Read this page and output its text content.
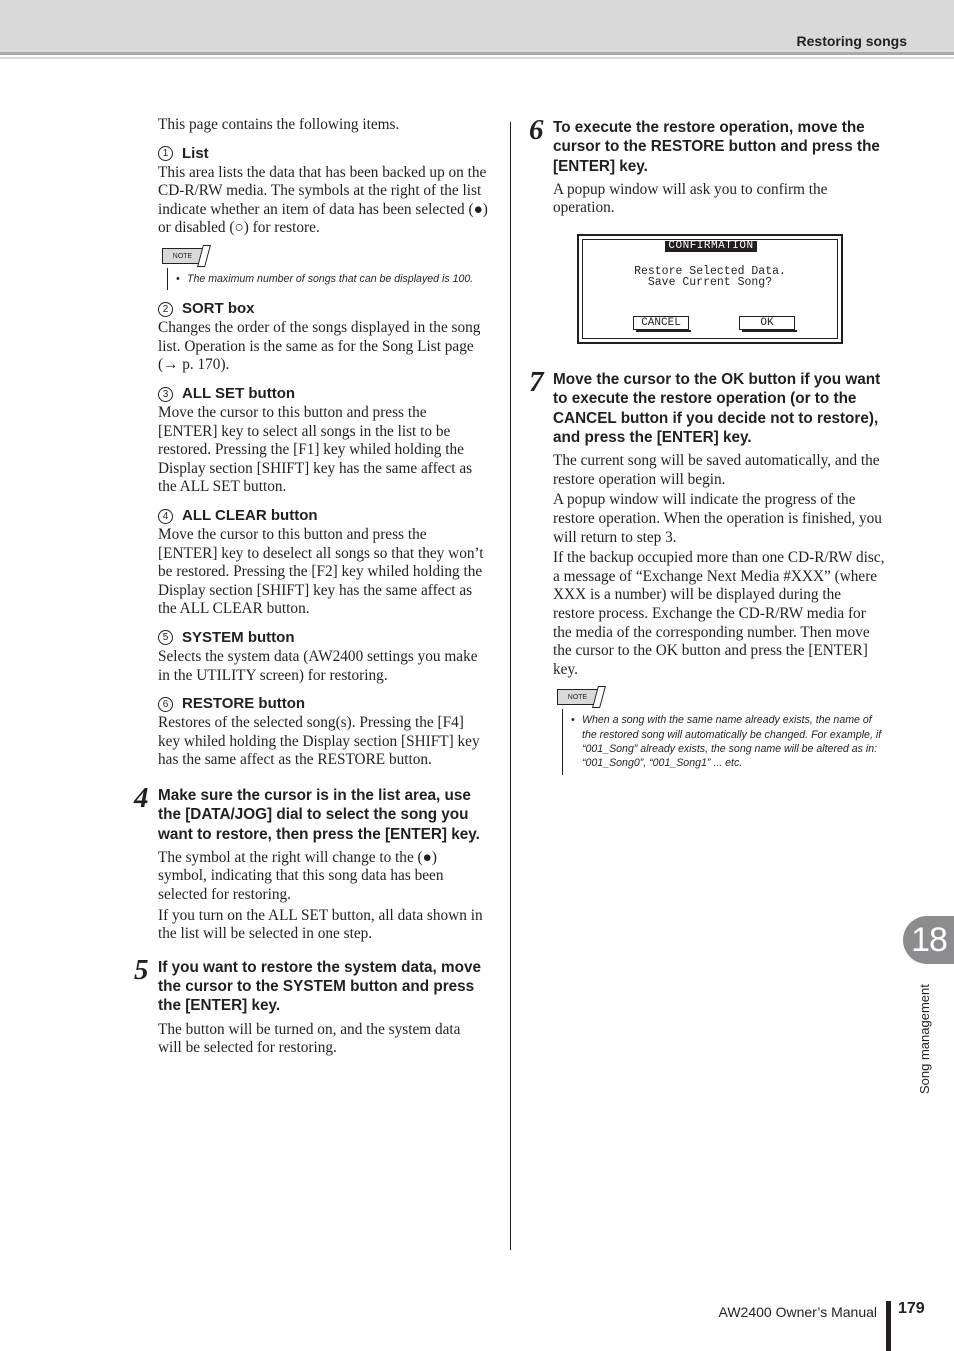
Restoring songs

This page contains the following items.

1 List

This area lists the data that has been backed up on the CD-R/RW media. The symbols at the right of the list indicate whether an item of data has been selected (●) or disabled (○) for restore.

NOTE
• The maximum number of songs that can be displayed is 100.
2 SORT box

Changes the order of the songs displayed in the song list. Operation is the same as for the Song List page (→ p. 170).

3 ALL SET button

Move the cursor to this button and press the [ENTER] key to select all songs in the list to be restored. Pressing the [F1] key whiled holding the Display section [SHIFT] key has the same affect as the ALL SET button.

4 ALL CLEAR button

Move the cursor to this button and press the [ENTER] key to deselect all songs so that they won’t be restored. Pressing the [F2] key whiled holding the Display section [SHIFT] key has the same affect as the ALL CLEAR button.

5 SYSTEM button

Selects the system data (AW2400 settings you make in the UTILITY screen) for restoring.

6 RESTORE button

Restores of the selected song(s). Pressing the [F4] key whiled holding the Display section [SHIFT] key has the same affect as the RESTORE button.

4 Make sure the cursor is in the list area, use the [DATA/JOG] dial to select the song you want to restore, then press the [ENTER] key.

The symbol at the right will change to the (●) symbol, indicating that this song data has been selected for restoring.

If you turn on the ALL SET button, all data shown in the list will be selected in one step.

5 If you want to restore the system data, move the cursor to the SYSTEM button and press the [ENTER] key.

The button will be turned on, and the system data will be selected for restoring.

6 To execute the restore operation, move the cursor to the RESTORE button and press the [ENTER] key.

A popup window will ask you to confirm the operation.

CONFIRMATION
Restore Selected Data.
Save Current Song?
CANCEL	OK
7 Move the cursor to the OK button if you want to execute the restore operation (or to the CANCEL button if you decide not to restore), and press the [ENTER] key.

The current song will be saved automatically, and the restore operation will begin.

A popup window will indicate the progress of the restore operation. When the operation is finished, you will return to step 3.

If the backup occupied more than one CD-R/RW disc, a message of “Exchange Next Media #XXX” (where XXX is a number) will be displayed during the restore process. Exchange the CD-R/RW media for the media of the corresponding number. Then move the cursor to the OK button and press the [ENTER] key.

NOTE
• When a song with the same name already exists, the name of the restored song will automatically be changed. For example, if “001_Song” already exists, the song name will be altered as in: “001_Song0”, “001_Song1” ... etc.
18
Song management
AW2400 Owner’s Manual 179
